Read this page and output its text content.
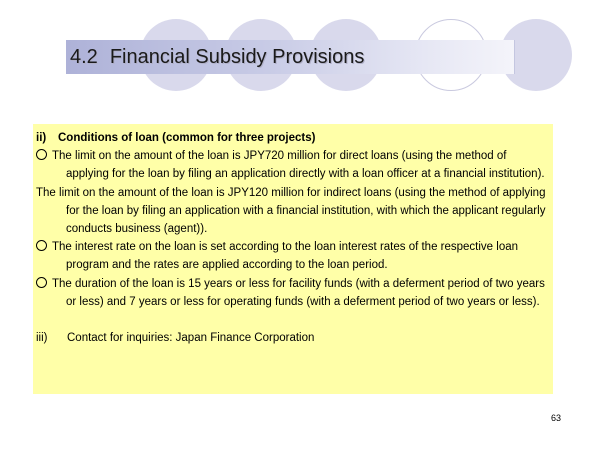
4.2 Financial Subsidy Provisions
ii) Conditions of loan (common for three projects)

The limit on the amount of the loan is JPY720 million for direct loans (using the method of applying for the loan by filing an application directly with a loan officer at a financial institution).

The limit on the amount of the loan is JPY120 million for indirect loans (using the method of applying for the loan by filing an application with a financial institution, with which the applicant regularly conducts business (agent)).

The interest rate on the loan is set according to the loan interest rates of the respective loan program and the rates are applied according to the loan period.

The duration of the loan is 15 years or less for facility funds (with a deferment period of two years or less) and 7 years or less for operating funds (with a deferment period of two years or less).

iii) Contact for inquiries: Japan Finance Corporation
63
